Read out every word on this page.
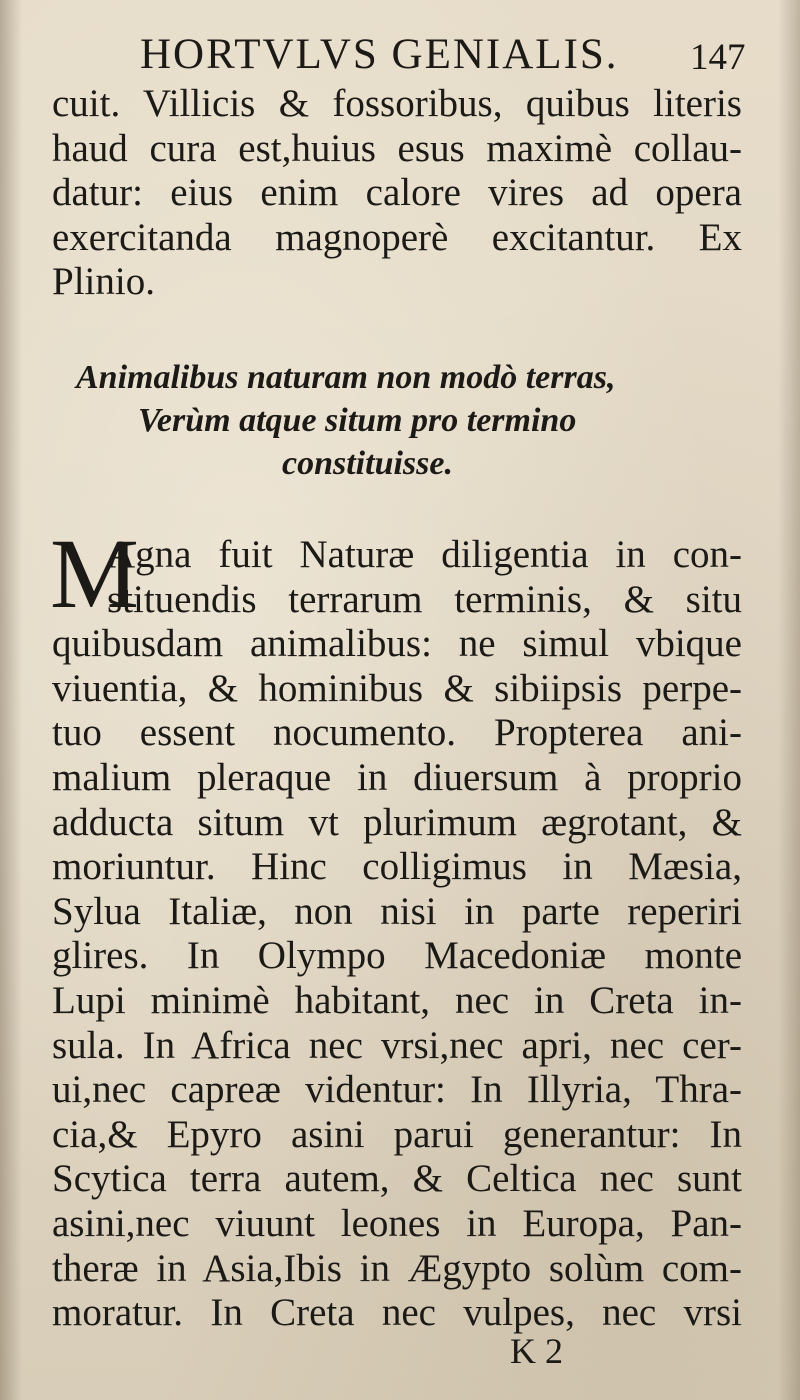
HORTVLVS GENIALIS. 147
cuit. Villicis & fossoribus, quibus literis
haud cura est,huius esus maximè collau-
datur: eius enim calore vires ad opera
exercitanda magnoperè excitantur. Ex
Plinio.
Animalibus naturam non modò terras,
Verùm atque situm pro termino
constituisse.
M
Agna fuit Naturæ diligentia in con-
stituendis terrarum terminis, & situ
quibusdam animalibus: ne simul vbique
viuentia, & hominibus & sibiipsis perpe-
tuo essent nocumento. Propterea ani-
malium pleraque in diuersum à proprio
adducta situm vt plurimum ægrotant, &
moriuntur. Hinc colligimus in Mæsia,
Sylua Italiæ, non nisi in parte reperiri
glires. In Olympo Macedoniæ monte
Lupi minimè habitant, nec in Creta in-
sula. In Africa nec vrsi,nec apri, nec cer-
ui,nec capreæ videntur: In Illyria, Thra-
cia,& Epyro asini parui generantur: In
Scytica terra autem, & Celtica nec sunt
asini,nec viuunt leones in Europa, Pan-
theræ in Asia,Ibis in Ægypto solùm com-
moratur. In Creta nec vulpes, nec vrsi
K 2
